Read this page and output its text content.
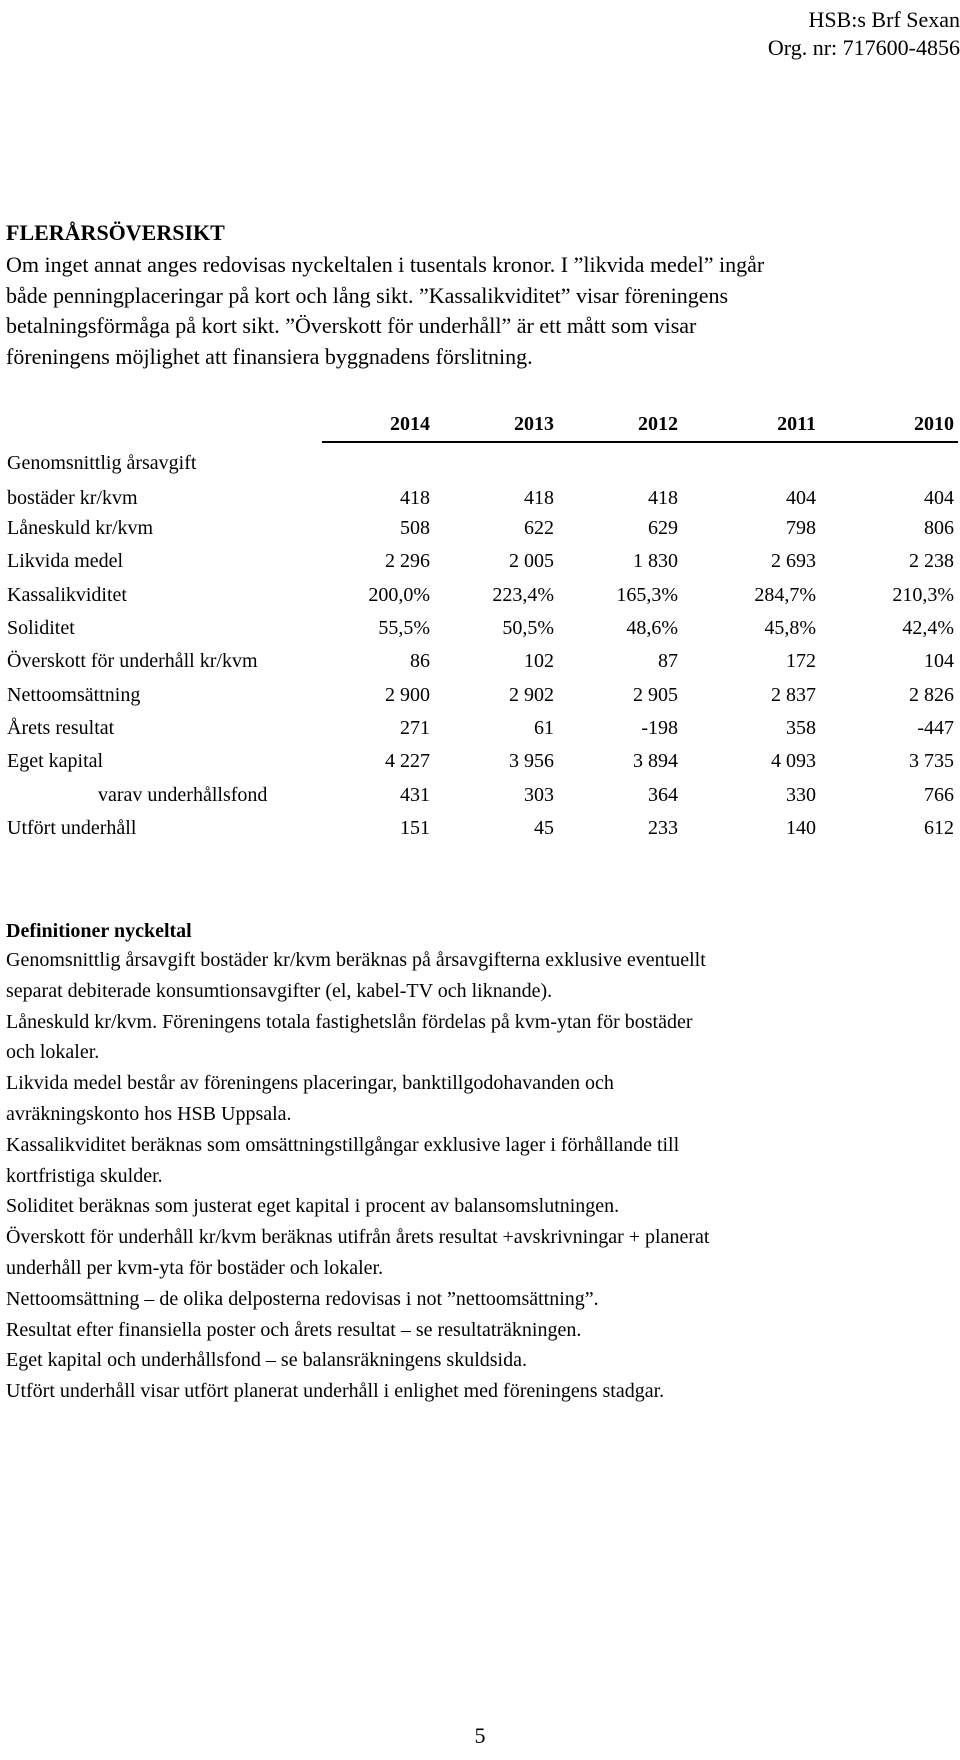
HSB:s Brf Sexan
Org. nr: 717600-4856
FLERÅRSÖVERSIKT
Om inget annat anges redovisas nyckeltalen i tusentals kronor. I ”likvida medel” ingår
både penningplaceringar på kort och lång sikt. ”Kassalikviditet” visar föreningens
betalningsförmåga på kort sikt. ”Överskott för underhåll” är ett mått som visar
föreningens möjlighet att finansiera byggnadens förslitning.
2014	2013	2012	2011	2010
Genomsnittlig årsavgift
bostäder kr/kvm	418	418	418	404	404
Låneskuld kr/kvm	508	622	629	798	806
Likvida medel	2 296	2 005	1 830	2 693	2 238
Kassalikviditet	200,0%	223,4%	165,3%	284,7%	210,3%
Soliditet	55,5%	50,5%	48,6%	45,8%	42,4%
Överskott för underhåll kr/kvm	86	102	87	172	104
Nettoomsättning	2 900	2 902	2 905	2 837	2 826
Årets resultat	271	61	-198	358	-447
Eget kapital	4 227	3 956	3 894	4 093	3 735
varav underhållsfond	431	303	364	330	766
Utfört underhåll	151	45	233	140	612
Definitioner nyckeltal
Genomsnittlig årsavgift bostäder kr/kvm beräknas på årsavgifterna exklusive eventuellt
separat debiterade konsumtionsavgifter (el, kabel-TV och liknande).
Låneskuld kr/kvm. Föreningens totala fastighetslån fördelas på kvm-ytan för bostäder
och lokaler.
Likvida medel består av föreningens placeringar, banktillgodohavanden och
avräkningskonto hos HSB Uppsala.
Kassalikviditet beräknas som omsättningstillgångar exklusive lager i förhållande till
kortfristiga skulder.
Soliditet beräknas som justerat eget kapital i procent av balansomslutningen.
Överskott för underhåll kr/kvm beräknas utifrån årets resultat +avskrivningar + planerat
underhåll per kvm-yta för bostäder och lokaler.
Nettoomsättning – de olika delposterna redovisas i not ”nettoomsättning”.
Resultat efter finansiella poster och årets resultat – se resultaträkningen.
Eget kapital och underhållsfond – se balansräkningens skuldsida.
Utfört underhåll visar utfört planerat underhåll i enlighet med föreningens stadgar.
5
